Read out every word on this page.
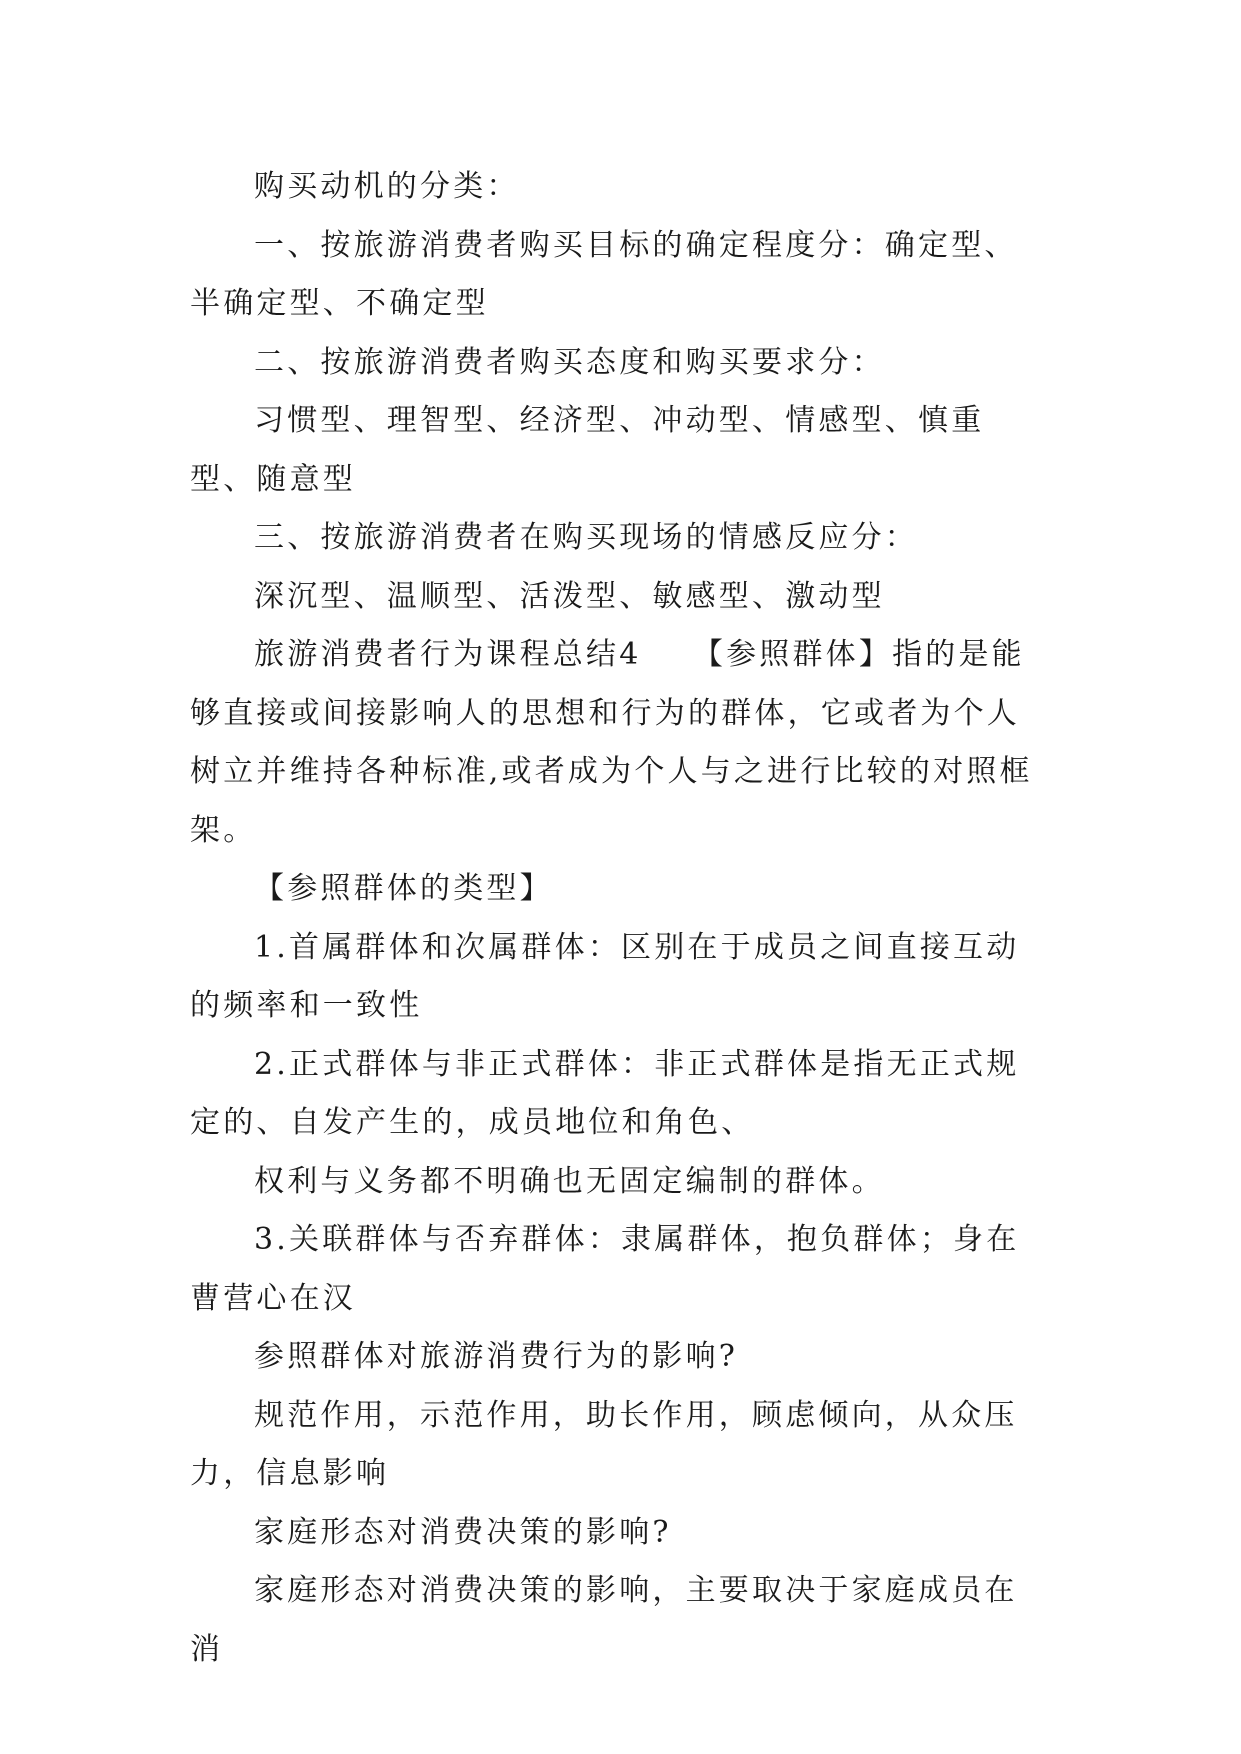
购买动机的分类：

一、按旅游消费者购买目标的确定程度分：确定型、半确定型、不确定型

二、按旅游消费者购买态度和购买要求分：

习惯型、理智型、经济型、冲动型、情感型、慎重型、随意型

三、按旅游消费者在购买现场的情感反应分：

深沉型、温顺型、活泼型、敏感型、激动型

旅游消费者行为课程总结4　　【参照群体】指的是能够直接或间接影响人的思想和行为的群体，它或者为个人树立并维持各种标准,或者成为个人与之进行比较的对照框架。

【参照群体的类型】

1.首属群体和次属群体：区别在于成员之间直接互动的频率和一致性

2.正式群体与非正式群体：非正式群体是指无正式规定的、自发产生的，成员地位和角色、

权利与义务都不明确也无固定编制的群体。

3.关联群体与否弃群体：隶属群体，抱负群体；身在曹营心在汉

参照群体对旅游消费行为的影响?

规范作用，示范作用，助长作用，顾虑倾向，从众压力，信息影响

家庭形态对消费决策的影响?

家庭形态对消费决策的影响，主要取决于家庭成员在消
